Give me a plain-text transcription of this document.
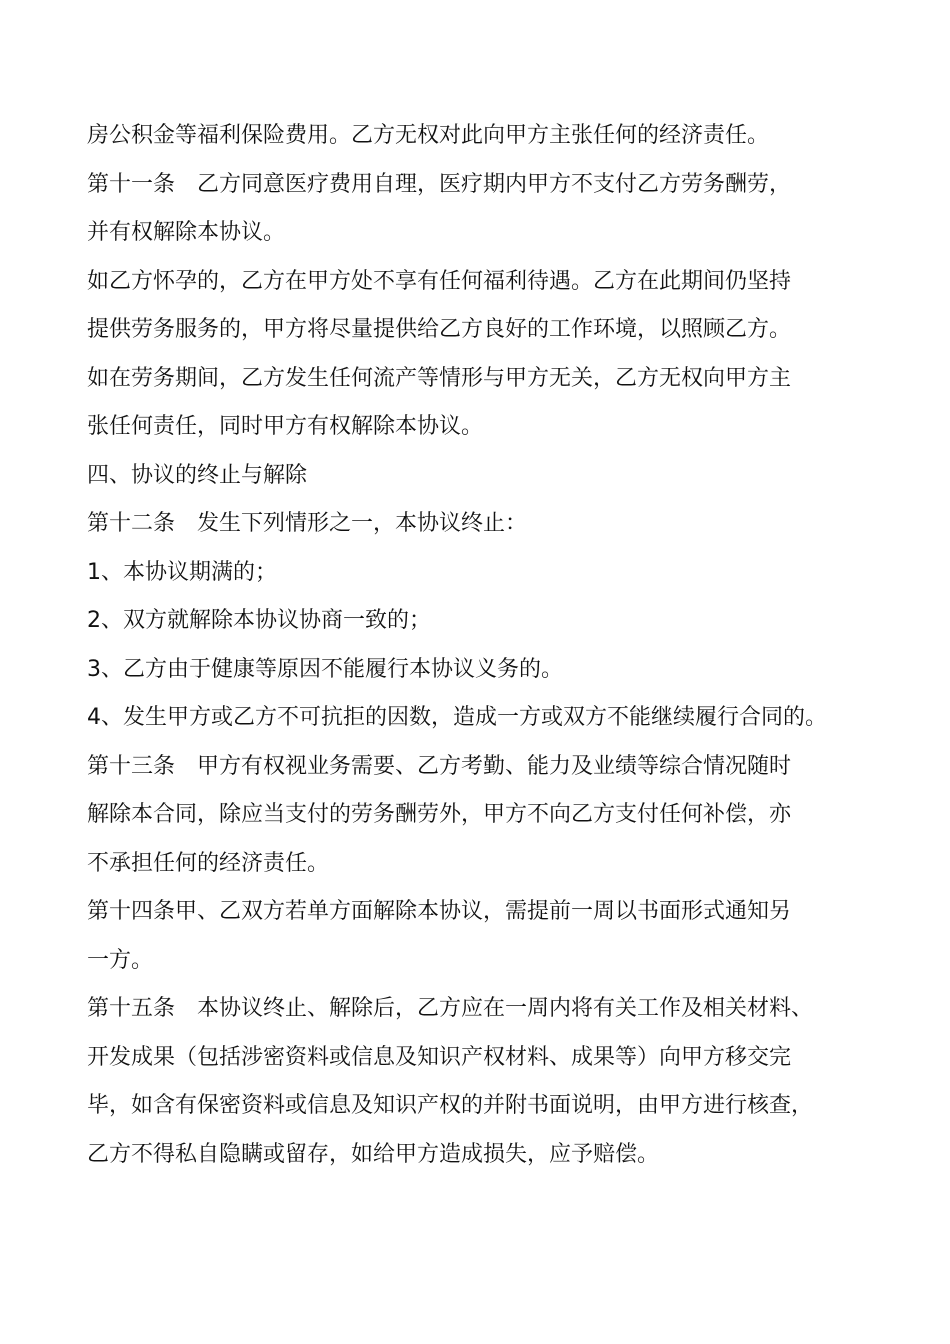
房公积金等福利保险费用。乙方无权对此向甲方主张任何的经济责任。
第十一条　乙方同意医疗费用自理，医疗期内甲方不支付乙方劳务酬劳，
并有权解除本协议。
如乙方怀孕的，乙方在甲方处不享有任何福利待遇。乙方在此期间仍坚持
提供劳务服务的，甲方将尽量提供给乙方良好的工作环境，以照顾乙方。
如在劳务期间，乙方发生任何流产等情形与甲方无关，乙方无权向甲方主
张任何责任，同时甲方有权解除本协议。
四、协议的终止与解除
第十二条　发生下列情形之一，本协议终止：
1、本协议期满的；
2、双方就解除本协议协商一致的；
3、乙方由于健康等原因不能履行本协议义务的。
4、发生甲方或乙方不可抗拒的因数，造成一方或双方不能继续履行合同的。
第十三条　甲方有权视业务需要、乙方考勤、能力及业绩等综合情况随时
解除本合同，除应当支付的劳务酬劳外，甲方不向乙方支付任何补偿，亦
不承担任何的经济责任。
第十四条甲、乙双方若单方面解除本协议，需提前一周以书面形式通知另
一方。
第十五条　本协议终止、解除后，乙方应在一周内将有关工作及相关材料、
开发成果（包括涉密资料或信息及知识产权材料、成果等）向甲方移交完
毕，如含有保密资料或信息及知识产权的并附书面说明，由甲方进行核查，
乙方不得私自隐瞒或留存，如给甲方造成损失，应予赔偿。
